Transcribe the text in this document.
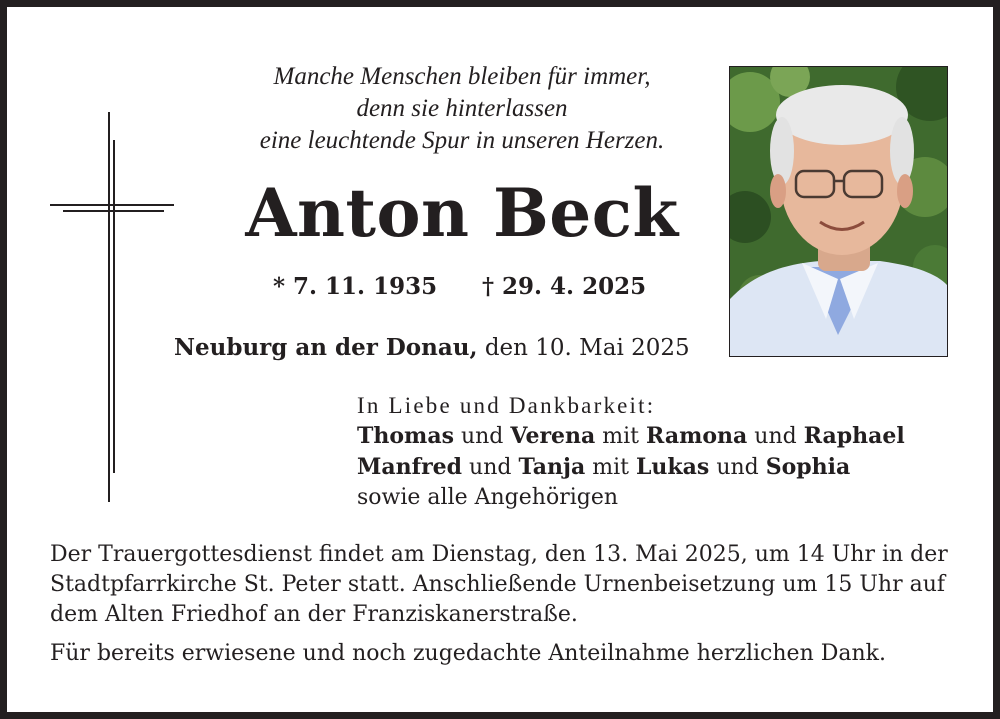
Manche Menschen bleiben für immer,
denn sie hinterlassen
eine leuchtende Spur in unseren Herzen.
Anton Beck
* 7. 11. 1935 † 29. 4. 2025
Neuburg an der Donau, den 10. Mai 2025
In Liebe und Dankbarkeit:
Thomas und Verena mit Ramona und Raphael
Manfred und Tanja mit Lukas und Sophia
sowie alle Angehörigen

Der Trauergottesdienst findet am Dienstag, den 13. Mai 2025, um 14 Uhr in der Stadtpfarrkirche St. Peter statt. Anschließende Urnenbeisetzung um 15 Uhr auf dem Alten Friedhof an der Franziskanerstraße.

Für bereits erwiesene und noch zugedachte Anteilnahme herzlichen Dank.
